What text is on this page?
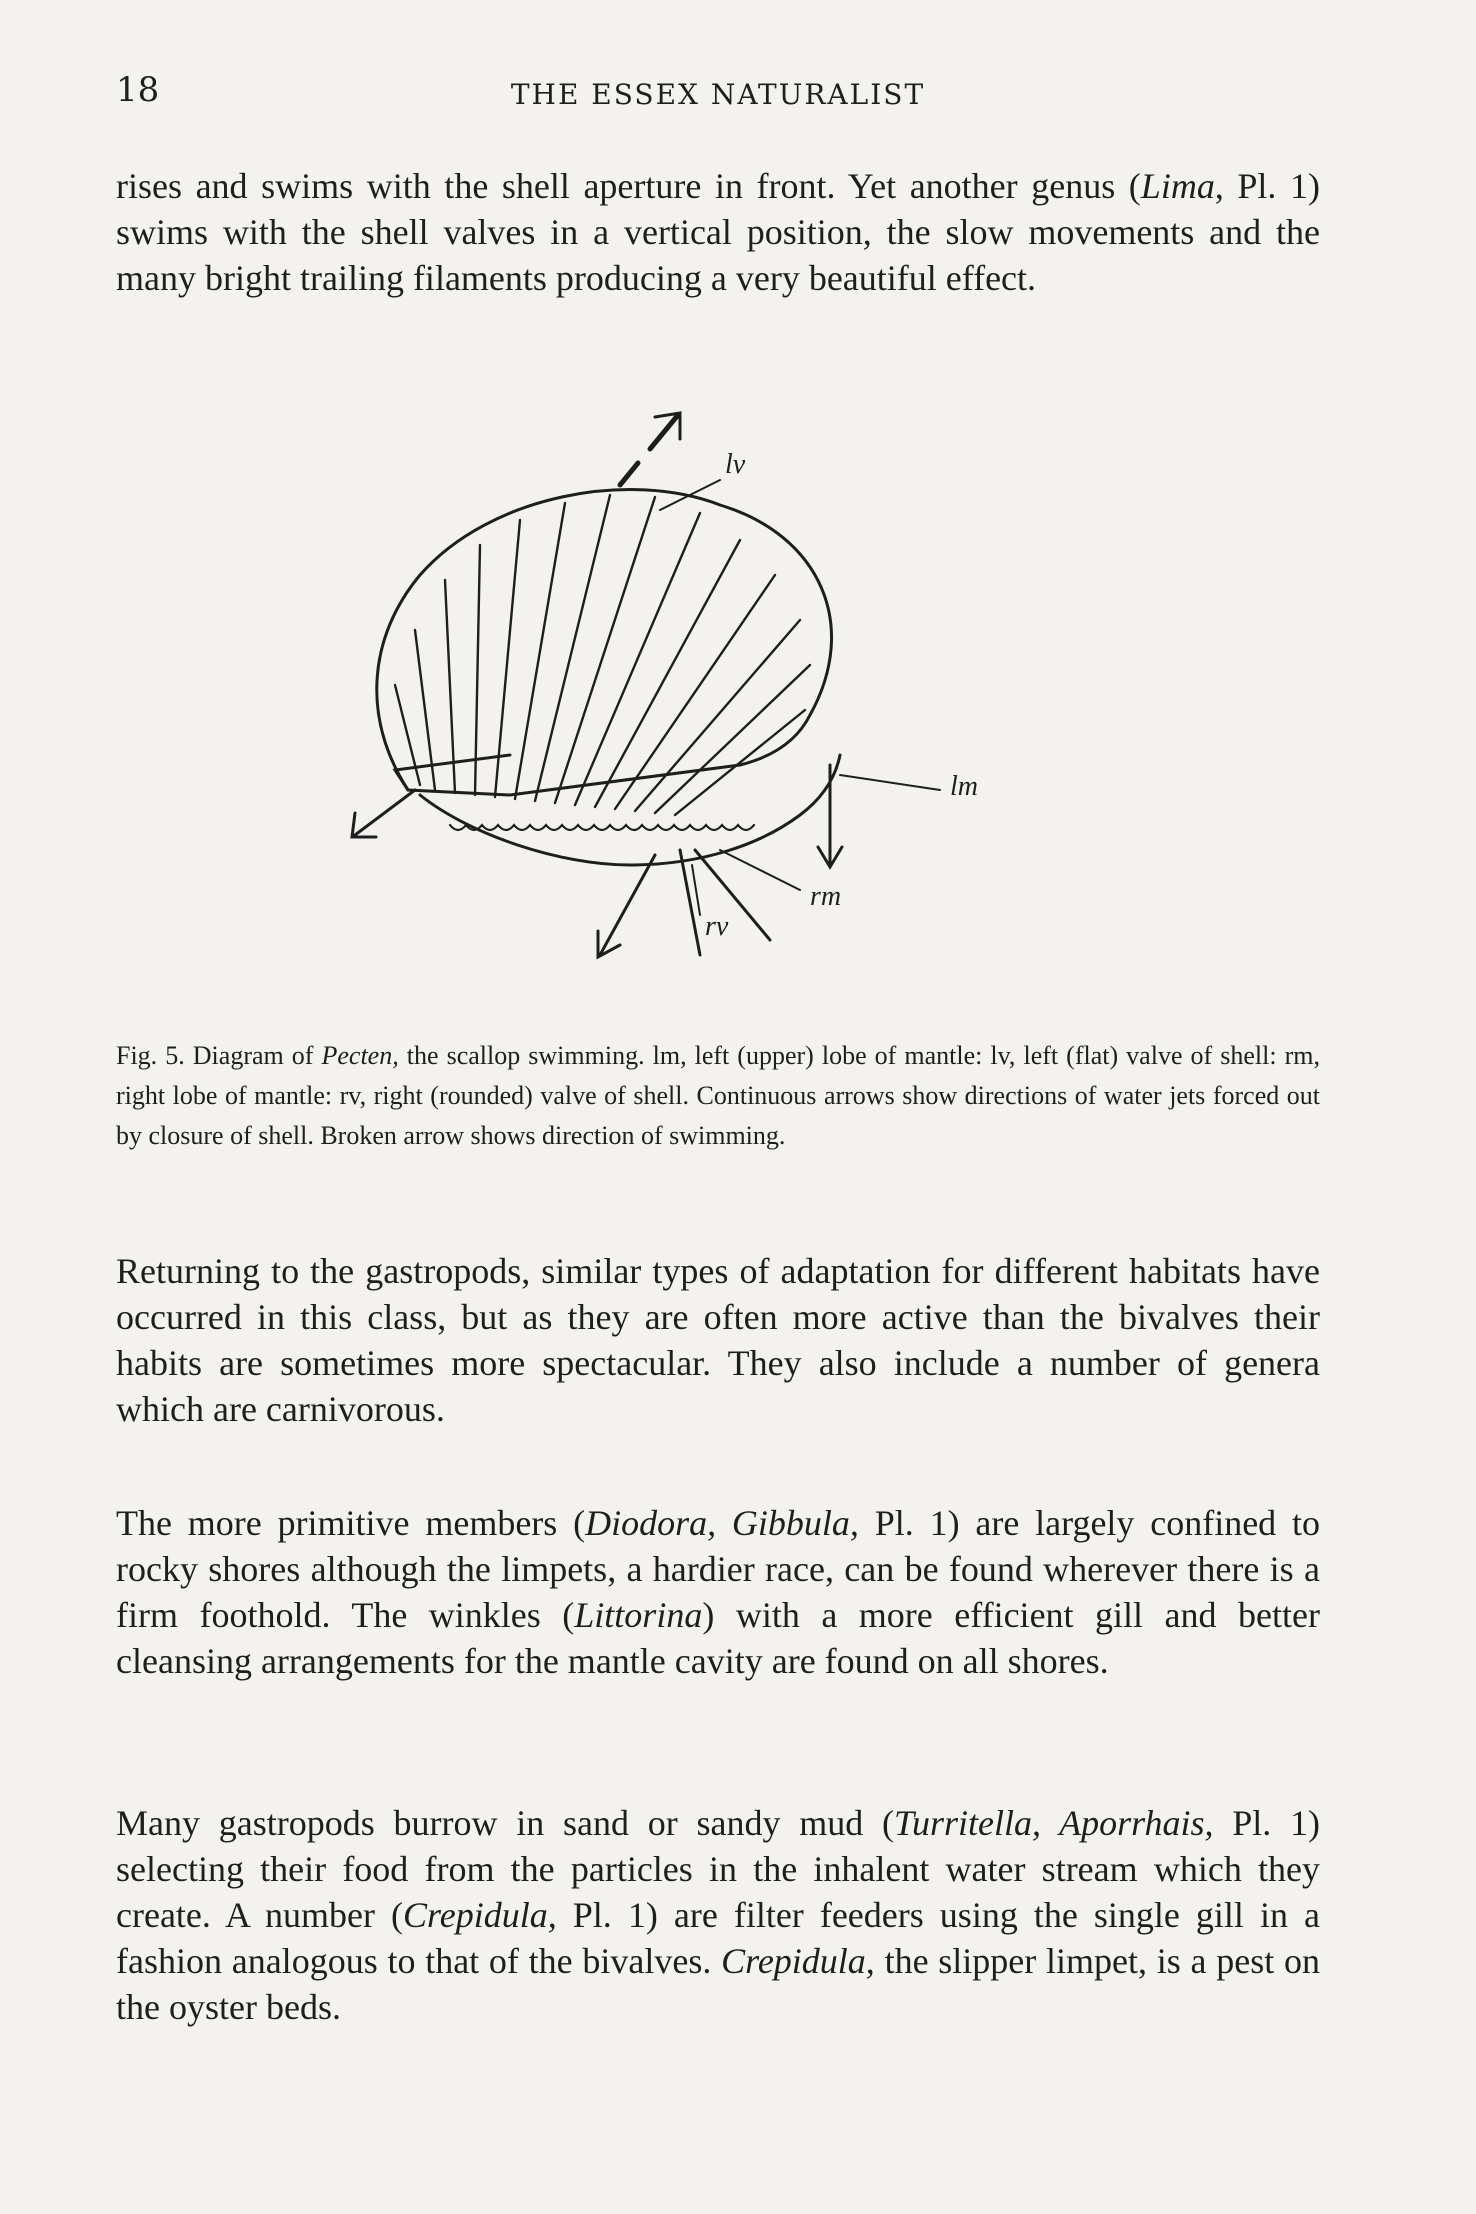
18	THE ESSEX NATURALIST

rises and swims with the shell aperture in front. Yet another genus (Lima, Pl. 1) swims with the shell valves in a vertical position, the slow movements and the many bright trailing filaments producing a very beautiful effect.

lv
lm
rm
rv

Fig. 5. Diagram of Pecten, the scallop swimming. lm, left (upper) lobe of mantle: lv, left (flat) valve of shell: rm, right lobe of mantle: rv, right (rounded) valve of shell. Continuous arrows show directions of water jets forced out by closure of shell. Broken arrow shows direction of swimming.

Returning to the gastropods, similar types of adaptation for different habitats have occurred in this class, but as they are often more active than the bivalves their habits are sometimes more spectacular. They also include a number of genera which are carnivorous.

The more primitive members (Diodora, Gibbula, Pl. 1) are largely confined to rocky shores although the limpets, a hardier race, can be found wherever there is a firm foothold. The winkles (Littorina) with a more efficient gill and better cleansing arrangements for the mantle cavity are found on all shores.

Many gastropods burrow in sand or sandy mud (Turritella, Aporrhais, Pl. 1) selecting their food from the particles in the inhalent water stream which they create. A number (Crepidula, Pl. 1) are filter feeders using the single gill in a fashion analogous to that of the bivalves. Crepidula, the slipper limpet, is a pest on the oyster beds.
